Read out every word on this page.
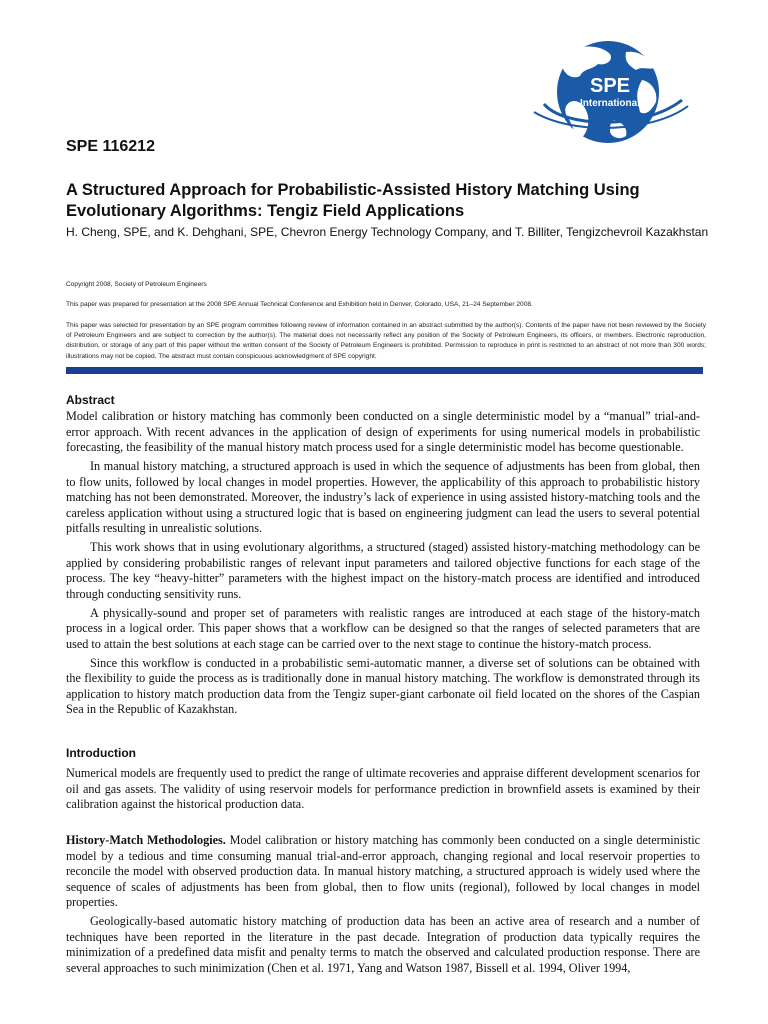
SPE
International
SPE 116212
A Structured Approach for Probabilistic-Assisted History Matching Using Evolutionary Algorithms: Tengiz Field Applications
H. Cheng, SPE, and K. Dehghani, SPE, Chevron Energy Technology Company, and T. Billiter, Tengizchevroil Kazakhstan
Copyright 2008, Society of Petroleum Engineers
This paper was prepared for presentation at the 2008 SPE Annual Technical Conference and Exhibition held in Denver, Colorado, USA, 21–24 September 2008.
This paper was selected for presentation by an SPE program committee following review of information contained in an abstract submitted by the author(s). Contents of the paper have not been reviewed by the Society of Petroleum Engineers and are subject to correction by the author(s). The material does not necessarily reflect any position of the Society of Petroleum Engineers, its officers, or members. Electronic reproduction, distribution, or storage of any part of this paper without the written consent of the Society of Petroleum Engineers is prohibited. Permission to reproduce in print is restricted to an abstract of not more than 300 words; illustrations may not be copied. The abstract must contain conspicuous acknowledgment of SPE copyright.
Abstract

Model calibration or history matching has commonly been conducted on a single deterministic model by a “manual” trial-and-error approach. With recent advances in the application of design of experiments for using numerical models in probabilistic forecasting, the feasibility of the manual history match process used for a single deterministic model has become questionable.

In manual history matching, a structured approach is used in which the sequence of adjustments has been from global, then to flow units, followed by local changes in model properties. However, the applicability of this approach to probabilistic history matching has not been demonstrated. Moreover, the industry’s lack of experience in using assisted history-matching tools and the careless application without using a structured logic that is based on engineering judgment can lead the users to several potential pitfalls resulting in unrealistic solutions.

This work shows that in using evolutionary algorithms, a structured (staged) assisted history-matching methodology can be applied by considering probabilistic ranges of relevant input parameters and tailored objective functions for each stage of the process. The key “heavy-hitter” parameters with the highest impact on the history-match process are identified and introduced through conducting sensitivity runs.

A physically-sound and proper set of parameters with realistic ranges are introduced at each stage of the history-match process in a logical order. This paper shows that a workflow can be designed so that the ranges of selected parameters that are used to attain the best solutions at each stage can be carried over to the next stage to continue the history-match process.

Since this workflow is conducted in a probabilistic semi-automatic manner, a diverse set of solutions can be obtained with the flexibility to guide the process as is traditionally done in manual history matching. The workflow is demonstrated through its application to history match production data from the Tengiz super-giant carbonate oil field located on the shores of the Caspian Sea in the Republic of Kazakhstan.

Introduction

Numerical models are frequently used to predict the range of ultimate recoveries and appraise different development scenarios for oil and gas assets. The validity of using reservoir models for performance prediction in brownfield assets is examined by their calibration against the historical production data.

History-Match Methodologies. Model calibration or history matching has commonly been conducted on a single deterministic model by a tedious and time consuming manual trial-and-error approach, changing regional and local reservoir properties to reconcile the model with observed production data. In manual history matching, a structured approach is widely used where the sequence of scales of adjustments has been from global, then to flow units (regional), followed by local changes in model properties.

Geologically-based automatic history matching of production data has been an active area of research and a number of techniques have been reported in the literature in the past decade. Integration of production data typically requires the minimization of a predefined data misfit and penalty terms to match the observed and calculated production response. There are several approaches to such minimization (Chen et al. 1971, Yang and Watson 1987, Bissell et al. 1994, Oliver 1994,
